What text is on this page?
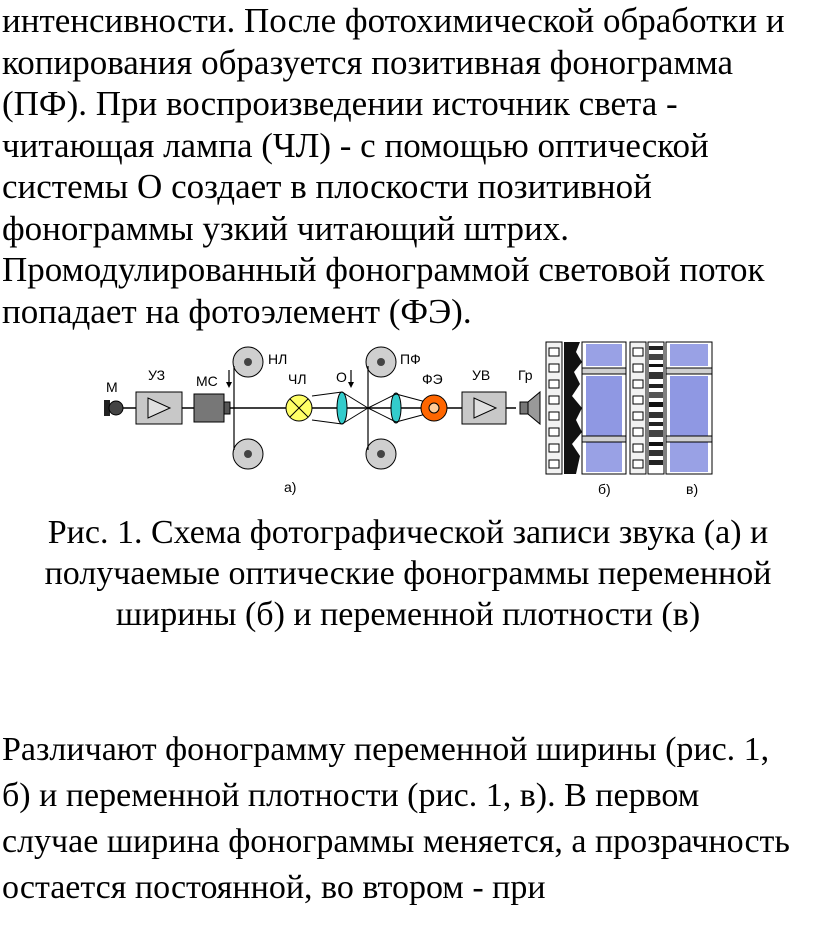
интенсивности. После фотохимической обработки и
копирования образуется позитивная фонограмма
(ПФ). При воспроизведении источник света -
читающая лампа (ЧЛ) - с помощью оптической
системы О создает в плоскости позитивной
фонограммы узкий читающий штрих.
Промодулированный фонограммой световой поток
попадает на фотоэлемент (ФЭ).
М
УЗ МС
НЛ
ЧЛ О
ПФ
ФЭ УВ Гр
а)	б)	в)
Рис. 1. Схема фотографической записи звука (а) и
получаемые оптические фонограммы переменной
ширины (б) и переменной плотности (в)
Различают фонограмму переменной ширины (рис. 1,
б) и переменной плотности (рис. 1, в). В первом
случае ширина фонограммы меняется, а прозрачность
остается постоянной, во втором - при
